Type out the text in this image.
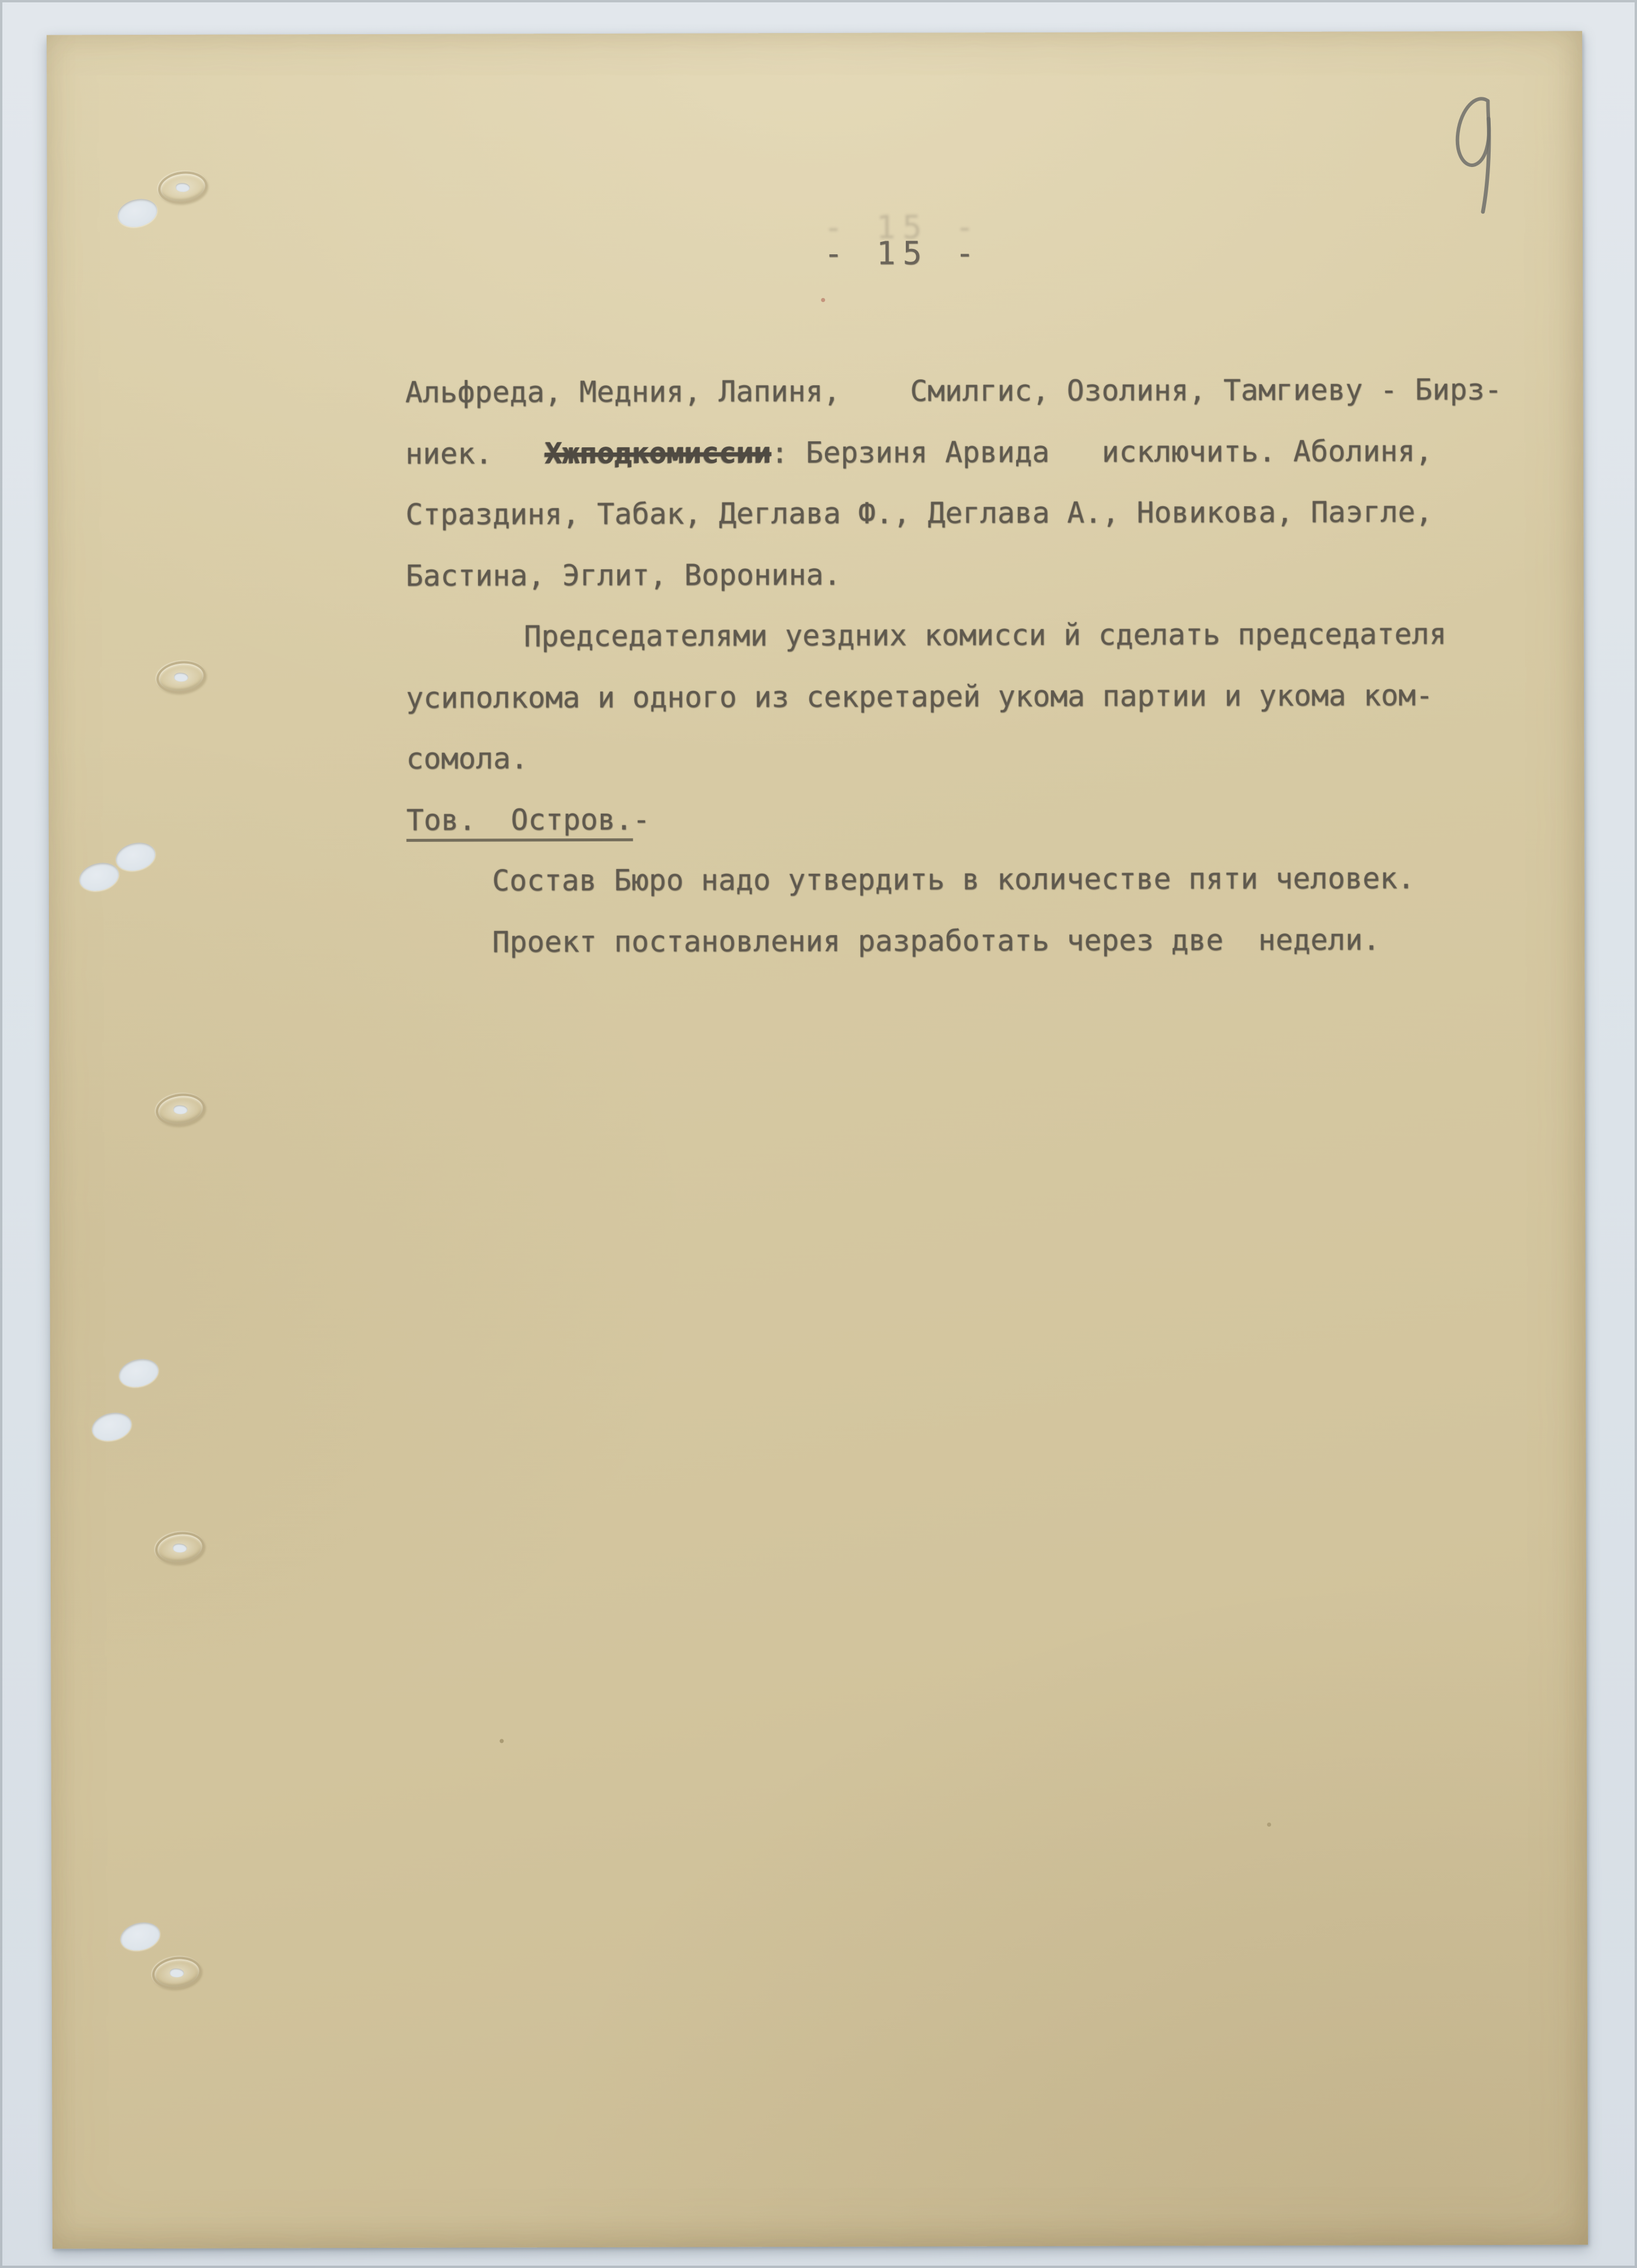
- 15 -
Альфреда, Медния, Лапиня,    Смилгис, Озолиня, Тамгиеву - Бирз-
ниек.   Хжподкомиссии: Берзиня Арвида   исключить. Аболиня,
Страздиня, Табак, Деглава Ф., Деглава А., Новикова, Паэгле,
Бастина, Эглит, Воронина.
Председателями уездних комисси й сделать председателя
усиполкома и одного из секретарей укома партии и укома ком-
сомола.
Тов.  Остров.-
Состав Бюро надо утвердить в количестве пяти человек.
Проект постановления разработать через две  недели.
